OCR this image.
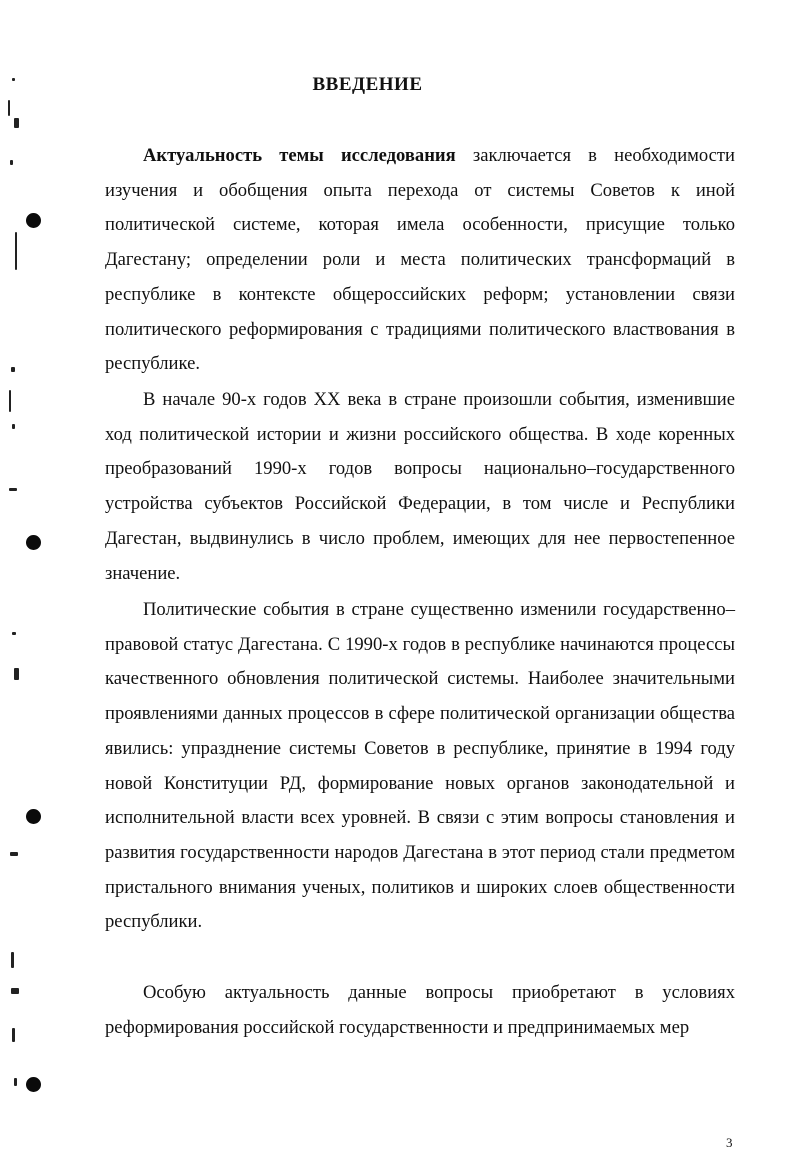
ВВЕДЕНИЕ

Актуальность темы исследования заключается в необходимости изучения и обобщения опыта перехода от системы Советов к иной политической системе, которая имела особенности, присущие только Дагестану; определении роли и места политических трансформаций в республике в контексте общероссийских реформ; установлении связи политического реформирования с традициями политического властвования в республике.

В начале 90-х годов XX века в стране произошли события, изменившие ход политической истории и жизни российского общества. В ходе коренных преобразований 1990-х годов вопросы национально–государственного устройства субъектов Российской Федерации, в том числе и Республики Дагестан, выдвинулись в число проблем, имеющих для нее первостепенное значение.

Политические события в стране существенно изменили государственно–правовой статус Дагестана. С 1990-х годов в республике начинаются процессы качественного обновления политической системы. Наиболее значительными проявлениями данных процессов в сфере политической организации общества явились: упразднение системы Советов в республике, принятие в 1994 году новой Конституции РД, формирование новых органов законодательной и исполнительной власти всех уровней. В связи с этим вопросы становления и развития государственности народов Дагестана в этот период стали предметом пристального внимания ученых, политиков и широких слоев общественности республики.

Особую актуальность данные вопросы приобретают в условиях реформирования российской государственности и предпринимаемых мер

3
